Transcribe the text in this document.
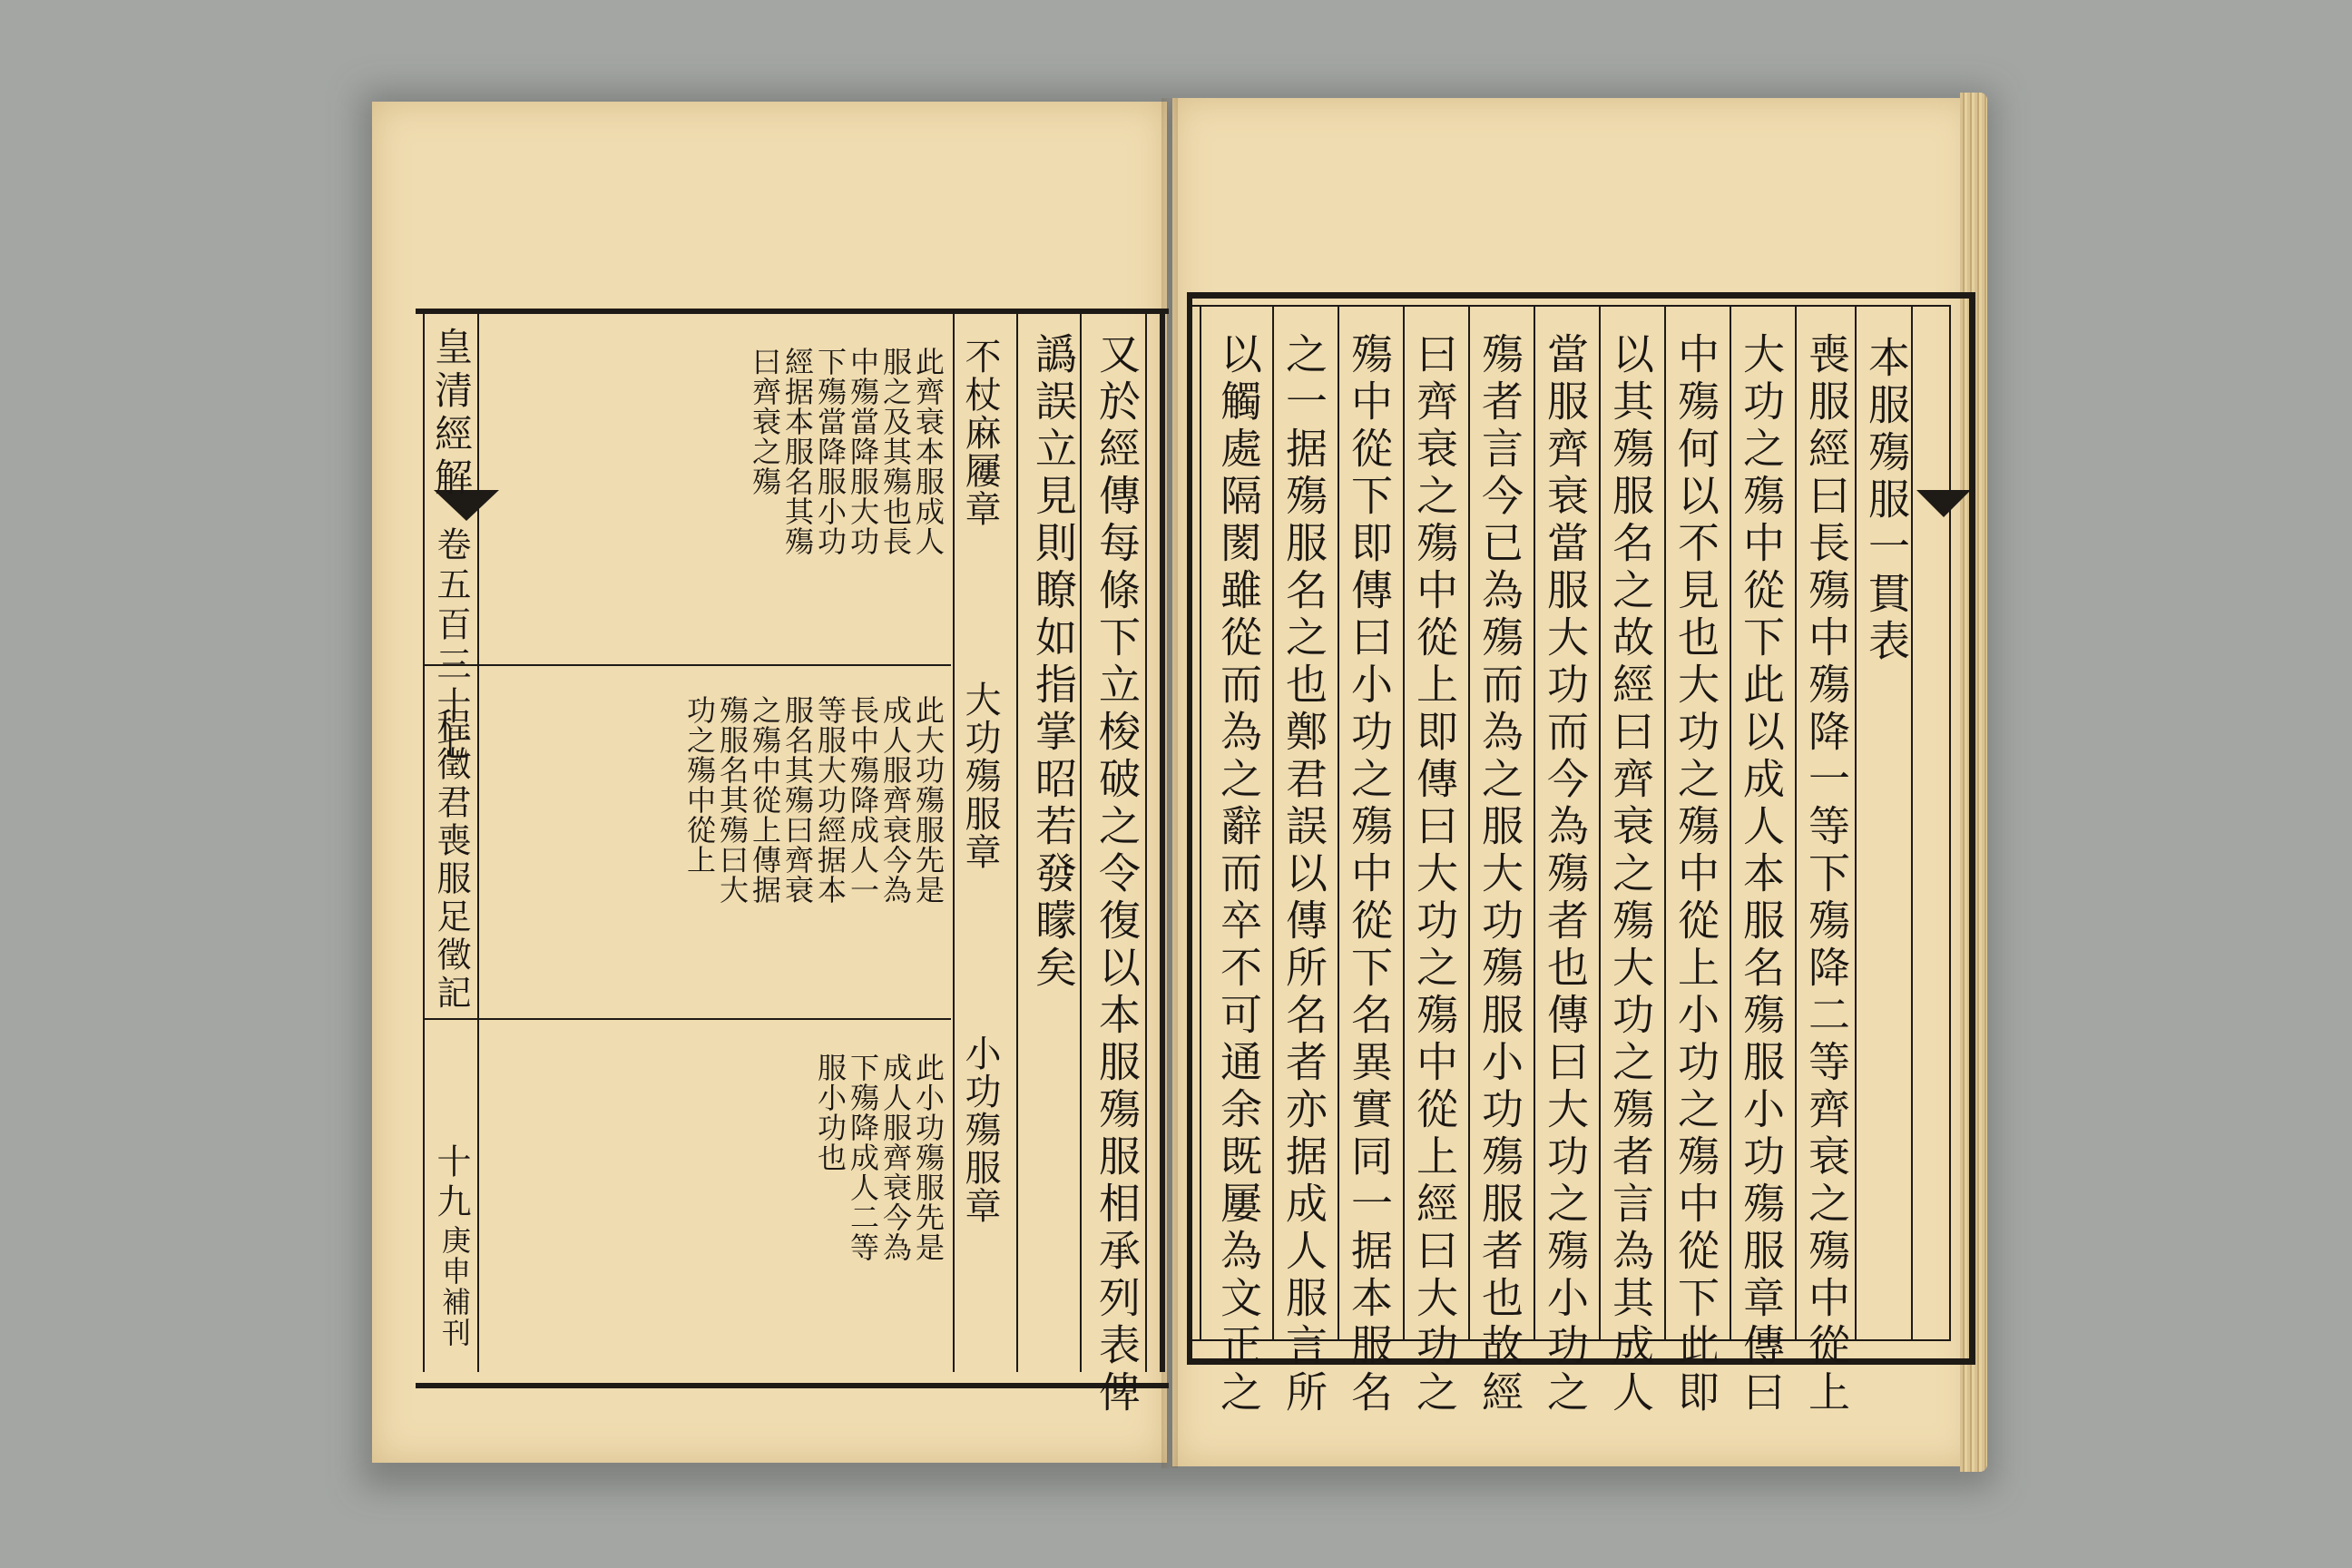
皇清經解
卷五百三十七
程徵君喪服足徵記
十九
庚申補刊	又於經傳每條下立梭破之令復以本服殤服相承列表俾
譌誤立見則瞭如指掌昭若發矇矣
不杖麻屨章
此齊衰本服成人
服之及其殤也長
中殤當降服大功
下殤當降服小功
經据本服名其殤
曰齊衰之殤
大功殤服章
此大功殤服先是
成人服齊衰今為
長中殤降成人一
等服大功經据本
服名其殤曰齊衰
之殤中從上傳据
殤服名其殤曰大
功之殤中從上
小功殤服章
此小功殤服先是
成人服齊衰今為
下殤降成人二等
服小功也
本服殤服一貫表
喪服經曰長殤中殤降一等下殤降二等齊衰之殤中從上
大功之殤中從下此以成人本服名殤服小功殤服章傳曰
中殤何以不見也大功之殤中從上小功之殤中從下此即
以其殤服名之故經曰齊衰之殤大功之殤者言為其成人
當服齊衰當服大功而今為殤者也傳曰大功之殤小功之
殤者言今已為殤而為之服大功殤服小功殤服者也故經
曰齊衰之殤中從上即傳曰大功之殤中從上經曰大功之
殤中從下即傳曰小功之殤中從下名異實同一据本服名
之一据殤服名之也鄭君誤以傳所名者亦据成人服言所
以觸處隔閡雖從而為之辭而卒不可通余既屢為文正之
